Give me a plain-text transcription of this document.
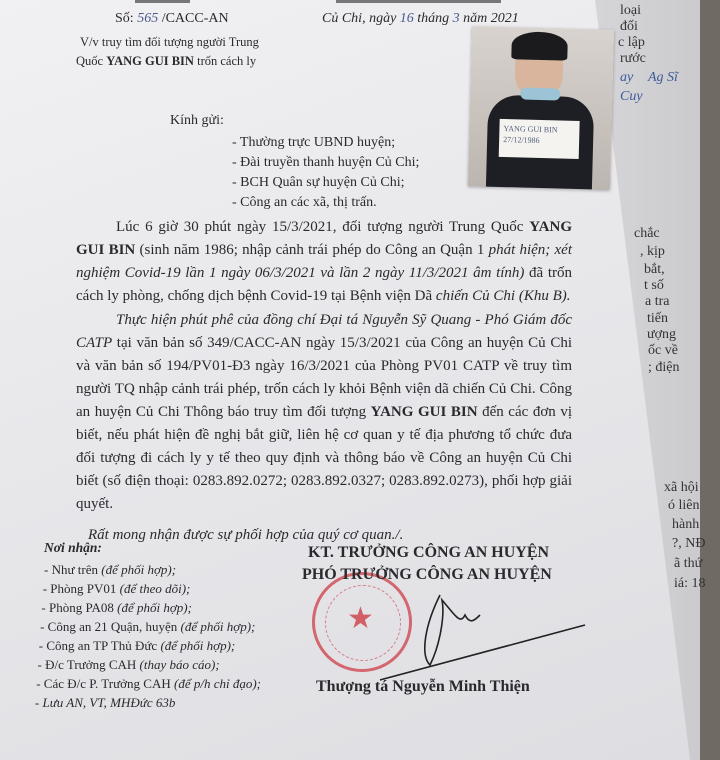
loại
đối
c lập
rước
ay Ag Sĩ
Cuy
chắc
, kịp
bắt,
t số
a tra
tiến
ượng
ốc về
; điện
xã hội
ó liên
hành
?, NĐ
ã thứ
iá: 18
Số: 565 /CACC-AN	Củ Chi, ngày 16 tháng 3 năm 2021
V/v truy tìm đối tượng người Trung
Quốc YANG GUI BIN trốn cách ly
YANG GUI BIN
27/12/1986
Kính gửi:
- Thường trực UBND huyện;
- Đài truyền thanh huyện Củ Chi;
- BCH Quân sự huyện Củ Chi;
- Công an các xã, thị trấn.
Lúc 6 giờ 30 phút ngày 15/3/2021, đối tượng người Trung Quốc YANG GUI BIN (sinh năm 1986; nhập cảnh trái phép do Công an Quận 1 phát hiện; xét nghiệm Covid-19 lần 1 ngày 06/3/2021 và lần 2 ngày 11/3/2021 âm tính) đã trốn cách ly phòng, chống dịch bệnh Covid-19 tại Bệnh viện Dã chiến Củ Chi (Khu B).
Thực hiện phút phê của đồng chí Đại tá Nguyễn Sỹ Quang - Phó Giám đốc CATP tại văn bản số 349/CACC-AN ngày 15/3/2021 của Công an huyện Củ Chi và văn bản số 194/PV01-Đ3 ngày 16/3/2021 của Phòng PV01 CATP về truy tìm người TQ nhập cảnh trái phép, trốn cách ly khỏi Bệnh viện dã chiến Củ Chi. Công an huyện Củ Chi Thông báo truy tìm đối tượng YANG GUI BIN đến các đơn vị biết, nếu phát hiện đề nghị bắt giữ, liên hệ cơ quan y tế địa phương tổ chức đưa đối tượng đi cách ly y tế theo quy định và thông báo về Công an huyện Củ Chi biết (số điện thoại: 0283.892.0272; 0283.892.0327; 0283.892.0273), phối hợp giải quyết.
Rất mong nhận được sự phối hợp của quý cơ quan./.
Nơi nhận:
- Như trên (để phối hợp);
- Phòng PV01 (để theo dõi);
- Phòng PA08 (để phối hợp);
- Công an 21 Quận, huyện (để phối hợp);
- Công an TP Thủ Đức (để phối hợp);
- Đ/c Trưởng CAH (thay báo cáo);
- Các Đ/c P. Trưởng CAH (để p/h chỉ đạo);
- Lưu AN, VT, MHĐức 63b
★
KT. TRƯỞNG CÔNG AN HUYỆN
PHÓ TRƯỞNG CÔNG AN HUYỆN
Thượng tá Nguyễn Minh Thiện
